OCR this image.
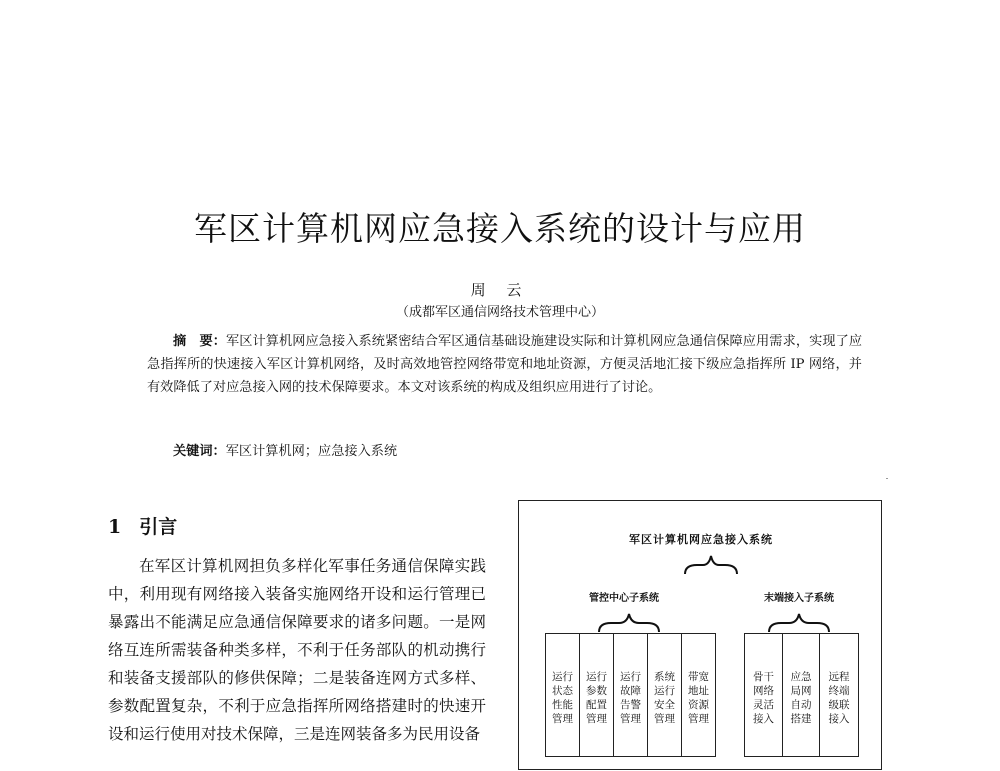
军区计算机网应急接入系统的设计与应用
周 云
（成都军区通信网络技术管理中心）

摘　要：军区计算机网应急接入系统紧密结合军区通信基础设施建设实际和计算机网应急通信保障应用需求，实现了应急指挥所的快速接入军区计算机网络，及时高效地管控网络带宽和地址资源，方便灵活地汇接下级应急指挥所 IP 网络，并有效降低了对应急接入网的技术保障要求。本文对该系统的构成及组织应用进行了讨论。

关键词：军区计算机网；应急接入系统
1 引言

在军区计算机网担负多样化军事任务通信保障实践中，利用现有网络接入装备实施网络开设和运行管理已暴露出不能满足应急通信保障要求的诸多问题。一是网络互连所需装备种类多样，不利于任务部队的机动携行和装备支援部队的修供保障；二是装备连网方式多样、参数配置复杂，不利于应急指挥所网络搭建时的快速开设和运行使用对技术保障，三是连网装备多为民用设备

军区计算机网应急接入系统
管控中心子系统	末端接入子系统
运行状态性能管理
运行参数配置管理
运行故障告警管理
系统运行安全管理
带宽地址资源管理
骨干网络灵活接入
应急局网自动搭建
远程终端级联接入
